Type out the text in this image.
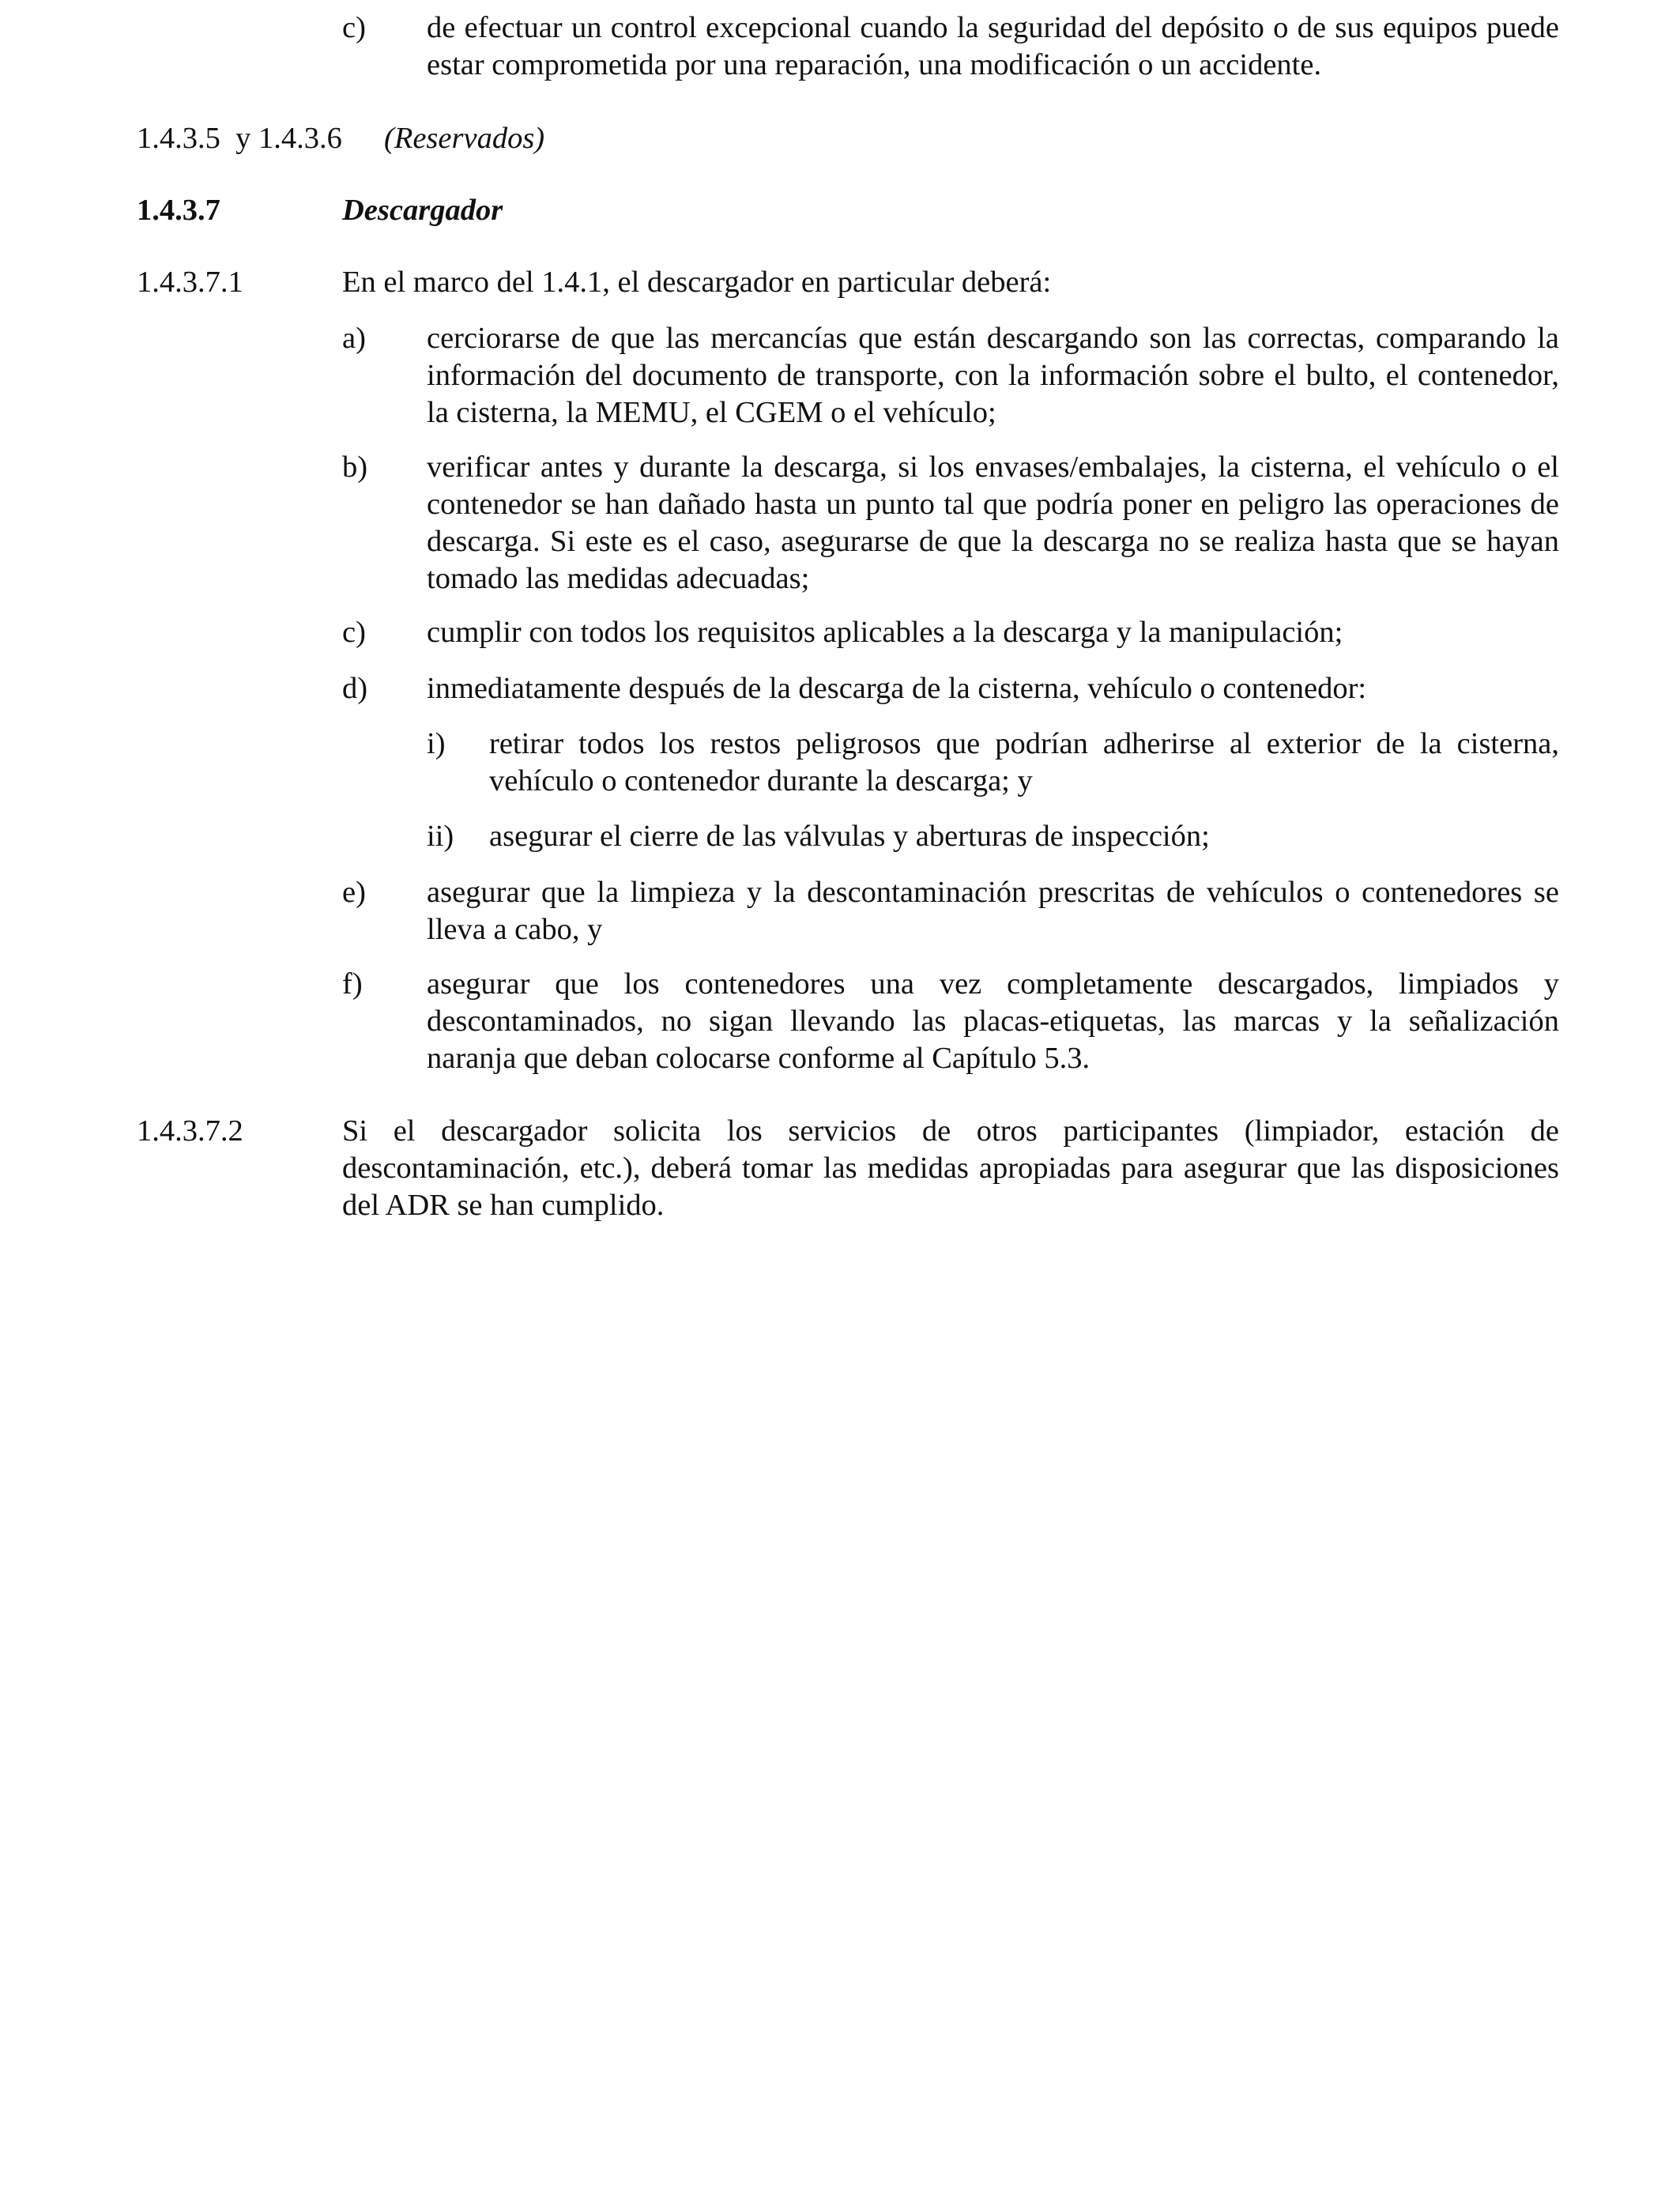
c) de efectuar un control excepcional cuando la seguridad del depósito o de sus equipos puede estar comprometida por una reparación, una modificación o un accidente.
1.4.3.5  y 1.4.3.6 (Reservados)
1.4.3.7	Descargador
1.4.3.7.1	En el marco del 1.4.1, el descargador en particular deberá:
a) cerciorarse de que las mercancías que están descargando son las correctas, comparando la información del documento de transporte, con la información sobre el bulto, el contenedor, la cisterna, la MEMU, el CGEM o el vehículo;
b) verificar antes y durante la descarga, si los envases/embalajes, la cisterna, el vehículo o el contenedor se han dañado hasta un punto tal que podría poner en peligro las operaciones de descarga. Si este es el caso, asegurarse de que la descarga no se realiza hasta que se hayan tomado las medidas adecuadas;
c) cumplir con todos los requisitos aplicables a la descarga y la manipulación;
d) inmediatamente después de la descarga de la cisterna, vehículo o contenedor:
i) retirar todos los restos peligrosos que podrían adherirse al exterior de la cisterna, vehículo o contenedor durante la descarga; y
ii) asegurar el cierre de las válvulas y aberturas de inspección;
e) asegurar que la limpieza y la descontaminación prescritas de vehículos o contenedores se lleva a cabo, y
f) asegurar que los contenedores una vez completamente descargados, limpiados y descontaminados, no sigan llevando las placas-etiquetas, las marcas y la señalización naranja que deban colocarse conforme al Capítulo 5.3.
1.4.3.7.2	Si el descargador solicita los servicios de otros participantes (limpiador, estación de descontaminación, etc.), deberá tomar las medidas apropiadas para asegurar que las disposiciones del ADR se han cumplido.
